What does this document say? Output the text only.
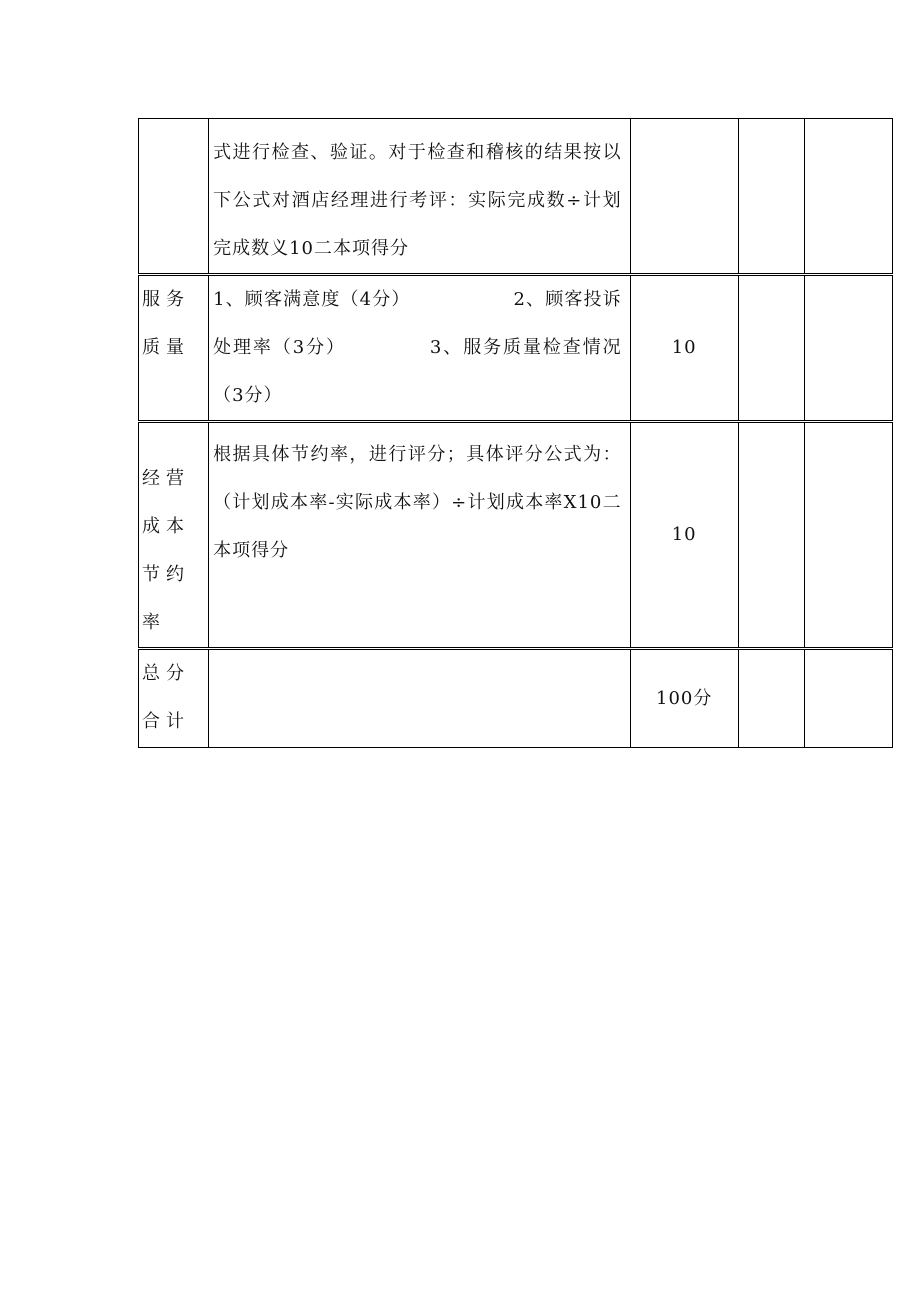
	式进行检查、验证。对于检查和稽核的结果按以下公式对酒店经理进行考评：实际完成数÷计划完成数义10二本项得分			
服务
质量	1、顾客满意度（4分）               2、顾客投诉处理率（3分）           3、服务质量检查情况（3分）	10		
经营成本节约率	根据具体节约率，进行评分；具体评分公式为：（计划成本率-实际成本率）÷计划成本率X10二本项得分	10		
总分
合计		100分		
